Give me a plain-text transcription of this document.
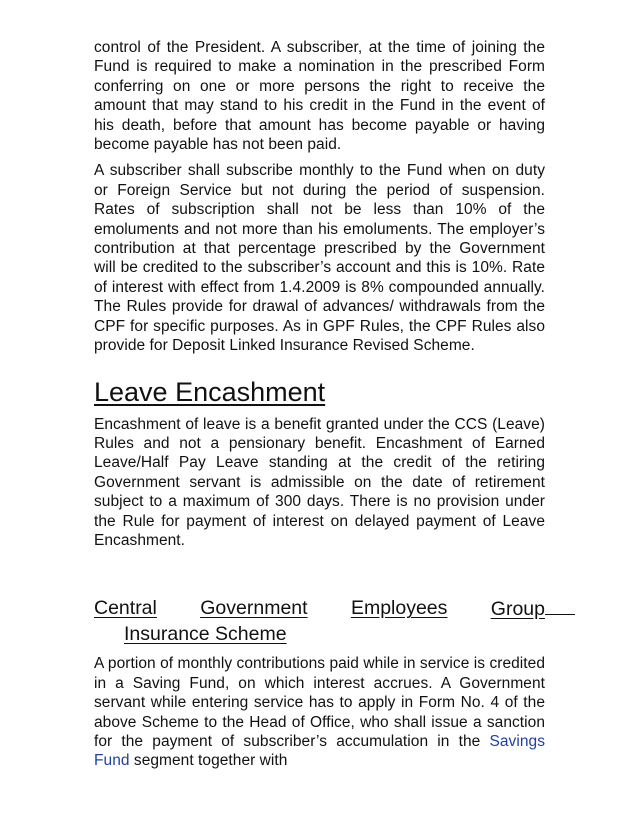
control of the President. A subscriber, at the time of joining the Fund is required to make a nomination in the prescribed Form conferring on one or more persons the right to receive the amount that may stand to his credit in the Fund in the event of his death, before that amount has become payable or having become payable has not been paid.

A subscriber shall subscribe monthly to the Fund when on duty or Foreign Service but not during the period of suspension. Rates of subscription shall not be less than 10% of the emoluments and not more than his emoluments. The employer’s contribution at that percentage prescribed by the Government will be credited to the subscriber’s account and this is 10%. Rate of interest with effect from 1.4.2009 is 8% compounded annually. The Rules provide for drawal of advances/ withdrawals from the CPF for specific purposes. As in GPF Rules, the CPF Rules also provide for Deposit Linked Insurance Revised Scheme.

Leave Encashment

Encashment of leave is a benefit granted under the CCS (Leave) Rules and not a pensionary benefit. Encashment of Earned Leave/Half Pay Leave standing at the credit of the retiring Government servant is admissible on the date of retirement subject to a maximum of 300 days. There is no provision under the Rule for payment of interest on delayed payment of Leave Encashment.

Central Government Employees Group
Insurance Scheme

A portion of monthly contributions paid while in service is credited in a Saving Fund, on which interest accrues. A Government servant while entering service has to apply in Form No. 4 of the above Scheme to the Head of Office, who shall issue a sanction for the payment of subscriber’s accumulation in the Savings Fund segment together with
